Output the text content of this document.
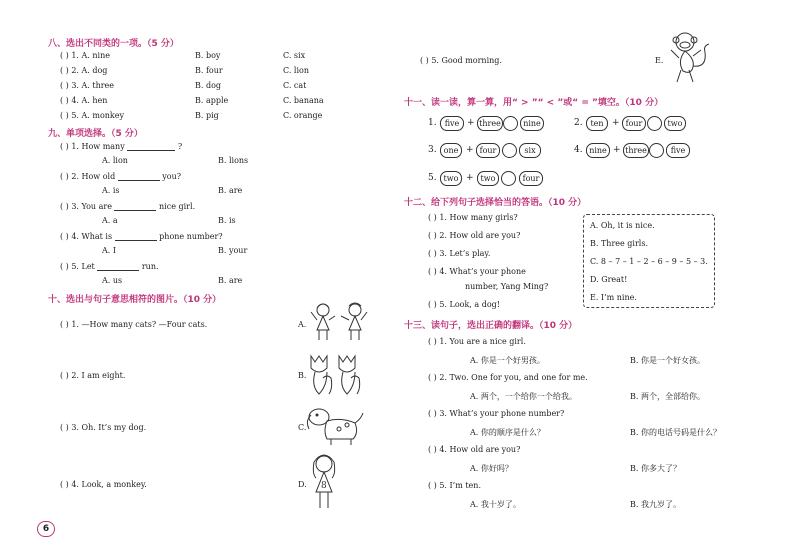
八、选出不同类的一项。（5 分）
( ) 1. A. nine	B. boy	C. six
( ) 2. A. dog	B. four	C. lion
( ) 3. A. three	B. dog	C. cat
( ) 4. A. hen	B. apple	C. banana
( ) 5. A. monkey	B. pig	C. orange
九、单项选择。（5 分）
( ) 1. How many	?
A. lion	B. lions
( ) 2. How old	you?
A. is	B. are
( ) 3. You are	nice girl.
A. a	B. is
( ) 4. What is	phone number?
A. I	B. your
( ) 5. Let	run.
A. us	B. are
十、选出与句子意思相符的图片。（10 分）
( ) 1. —How many cats? —Four cats.	A.
( ) 2. I am eight.	B.
( ) 3. Oh. It’s my dog.	C.
( ) 4. Look, a monkey.	D. 8
( ) 5. Good morning.	E.
十一、读一读，算一算，用“ > ”“ < ”或“ = ”填空。（10 分）
1.	five + three	nine	2. ten + four	two
3. one + four	six	4. nine + three	five
5. two + two	four
十二、给下列句子选择恰当的答语。（10 分）
( ) 1. How many girls?
( ) 2. How old are you?
( ) 3. Let’s play.
( ) 4. What’s your phone
number, Yang Ming?
( ) 5. Look, a dog!
A. Oh, it is nice.
B. Three girls.
C. 8 – 7 – 1 – 2 – 6 – 9 – 5 – 3.
D. Great!
E. I’m nine.
十三、读句子，选出正确的翻译。（10 分）
( ) 1. You are a nice girl.
A. 你是一个好男孩。	B. 你是一个好女孩。
( ) 2. Two. One for you, and one for me.
A. 两个，一个给你一个给我。	B. 两个，全部给你。
( ) 3. What’s your phone number?
A. 你的顺序是什么？	B. 你的电话号码是什么？
( ) 4. How old are you?
A. 你好吗？	B. 你多大了？
( ) 5. I’m ten.
A. 我十岁了。	B. 我九岁了。
6
